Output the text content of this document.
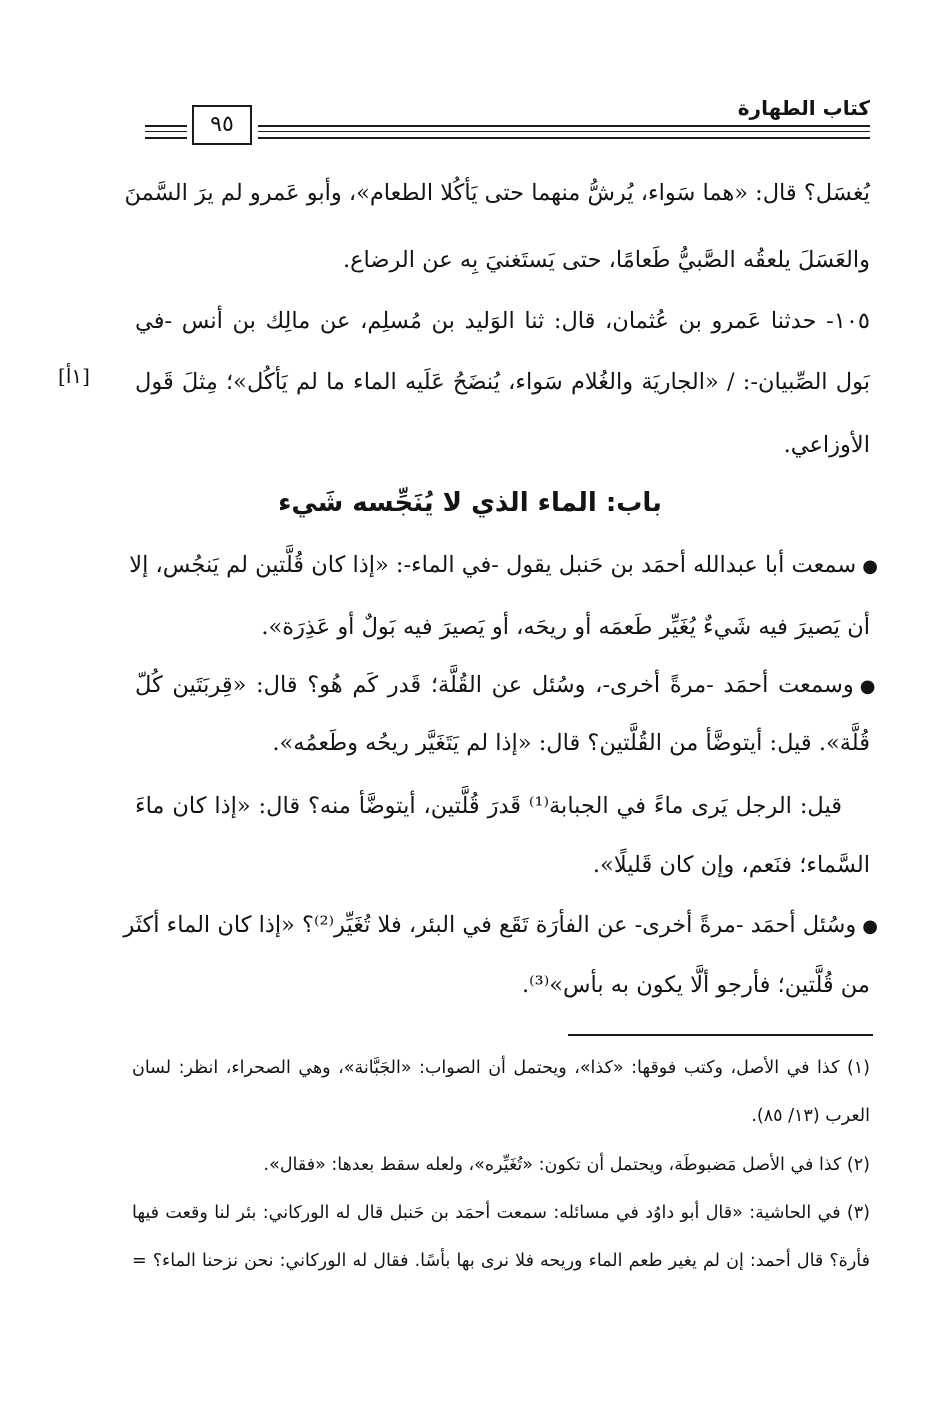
كتاب الطهارة
٩٥
يُغسَل؟ قال: «هما سَواء، يُرشُّ منهما حتى يَأكُلا الطعام»، وأبو عَمرو لم يرَ السَّمنَ
والعَسَلَ يلعقُه الصَّبيُّ طَعامًا، حتى يَستَغنيَ بِه عن الرضاع.
١٠٥- حدثنا عَمرو بن عُثمان، قال: ثنا الوَليد بن مُسلِم، عن مالِك بن أنس -في
بَول الصِّبيان-: / «الجاريَة والغُلام سَواء، يُنضَحُ عَلَيه الماء ما لم يَأكُل»؛ مِثلَ قَول
الأوزاعي.
[١أ]
باب: الماء الذي لا يُنَجِّسه شَيء
●سمعت أبا عبدالله أحمَد بن حَنبل يقول -في الماء-: «إذا كان قُلَّتين لم يَنجُس، إلا
أن يَصيرَ فيه شَيءٌ يُغَيِّر طَعمَه أو ريحَه، أو يَصيرَ فيه بَولٌ أو عَذِرَة».
●وسمعت أحمَد -مرةً أخرى-، وسُئل عن القُلَّة؛ قَدر كَم هُو؟ قال: «قِربَتَين كُلّ
قُلَّة». قيل: أيتوضَّأ من القُلَّتين؟ قال: «إذا لم يَتَغَيَّر ريحُه وطَعمُه».
قيل: الرجل يَرى ماءً في الجبابة⁽¹⁾ قَدرَ قُلَّتين، أيتوضَّأ منه؟ قال: «إذا كان ماءَ
السَّماء؛ فنَعم، وإن كان قَليلًا».
●وسُئل أحمَد -مرةً أخرى- عن الفأرَة تَقَع في البئر، فلا تُغَيِّر⁽²⁾؟ «إذا كان الماء أكثَر
من قُلَّتين؛ فأرجو ألَّا يكون به بأس»⁽³⁾.
(١) كذا في الأصل، وكتب فوقها: «كذا»، ويحتمل أن الصواب: «الجَبَّانة»، وهي الصحراء، انظر: لسان
العرب (١٣/ ٨٥).
(٢) كذا في الأصل مَضبوطَة، ويحتمل أن تكون: «تُغَيِّره»، ولعله سقط بعدها: «فقال».
(٣) في الحاشية: «قال أبو داوُد في مسائله: سمعت أحمَد بن حَنبل قال له الوركاني: بئر لنا وقعت فيها
فأرة؟ قال أحمد: إن لم يغير طعم الماء وريحه فلا نرى بها بأسًا. فقال له الوركاني: نحن نزحنا الماء؟ =
